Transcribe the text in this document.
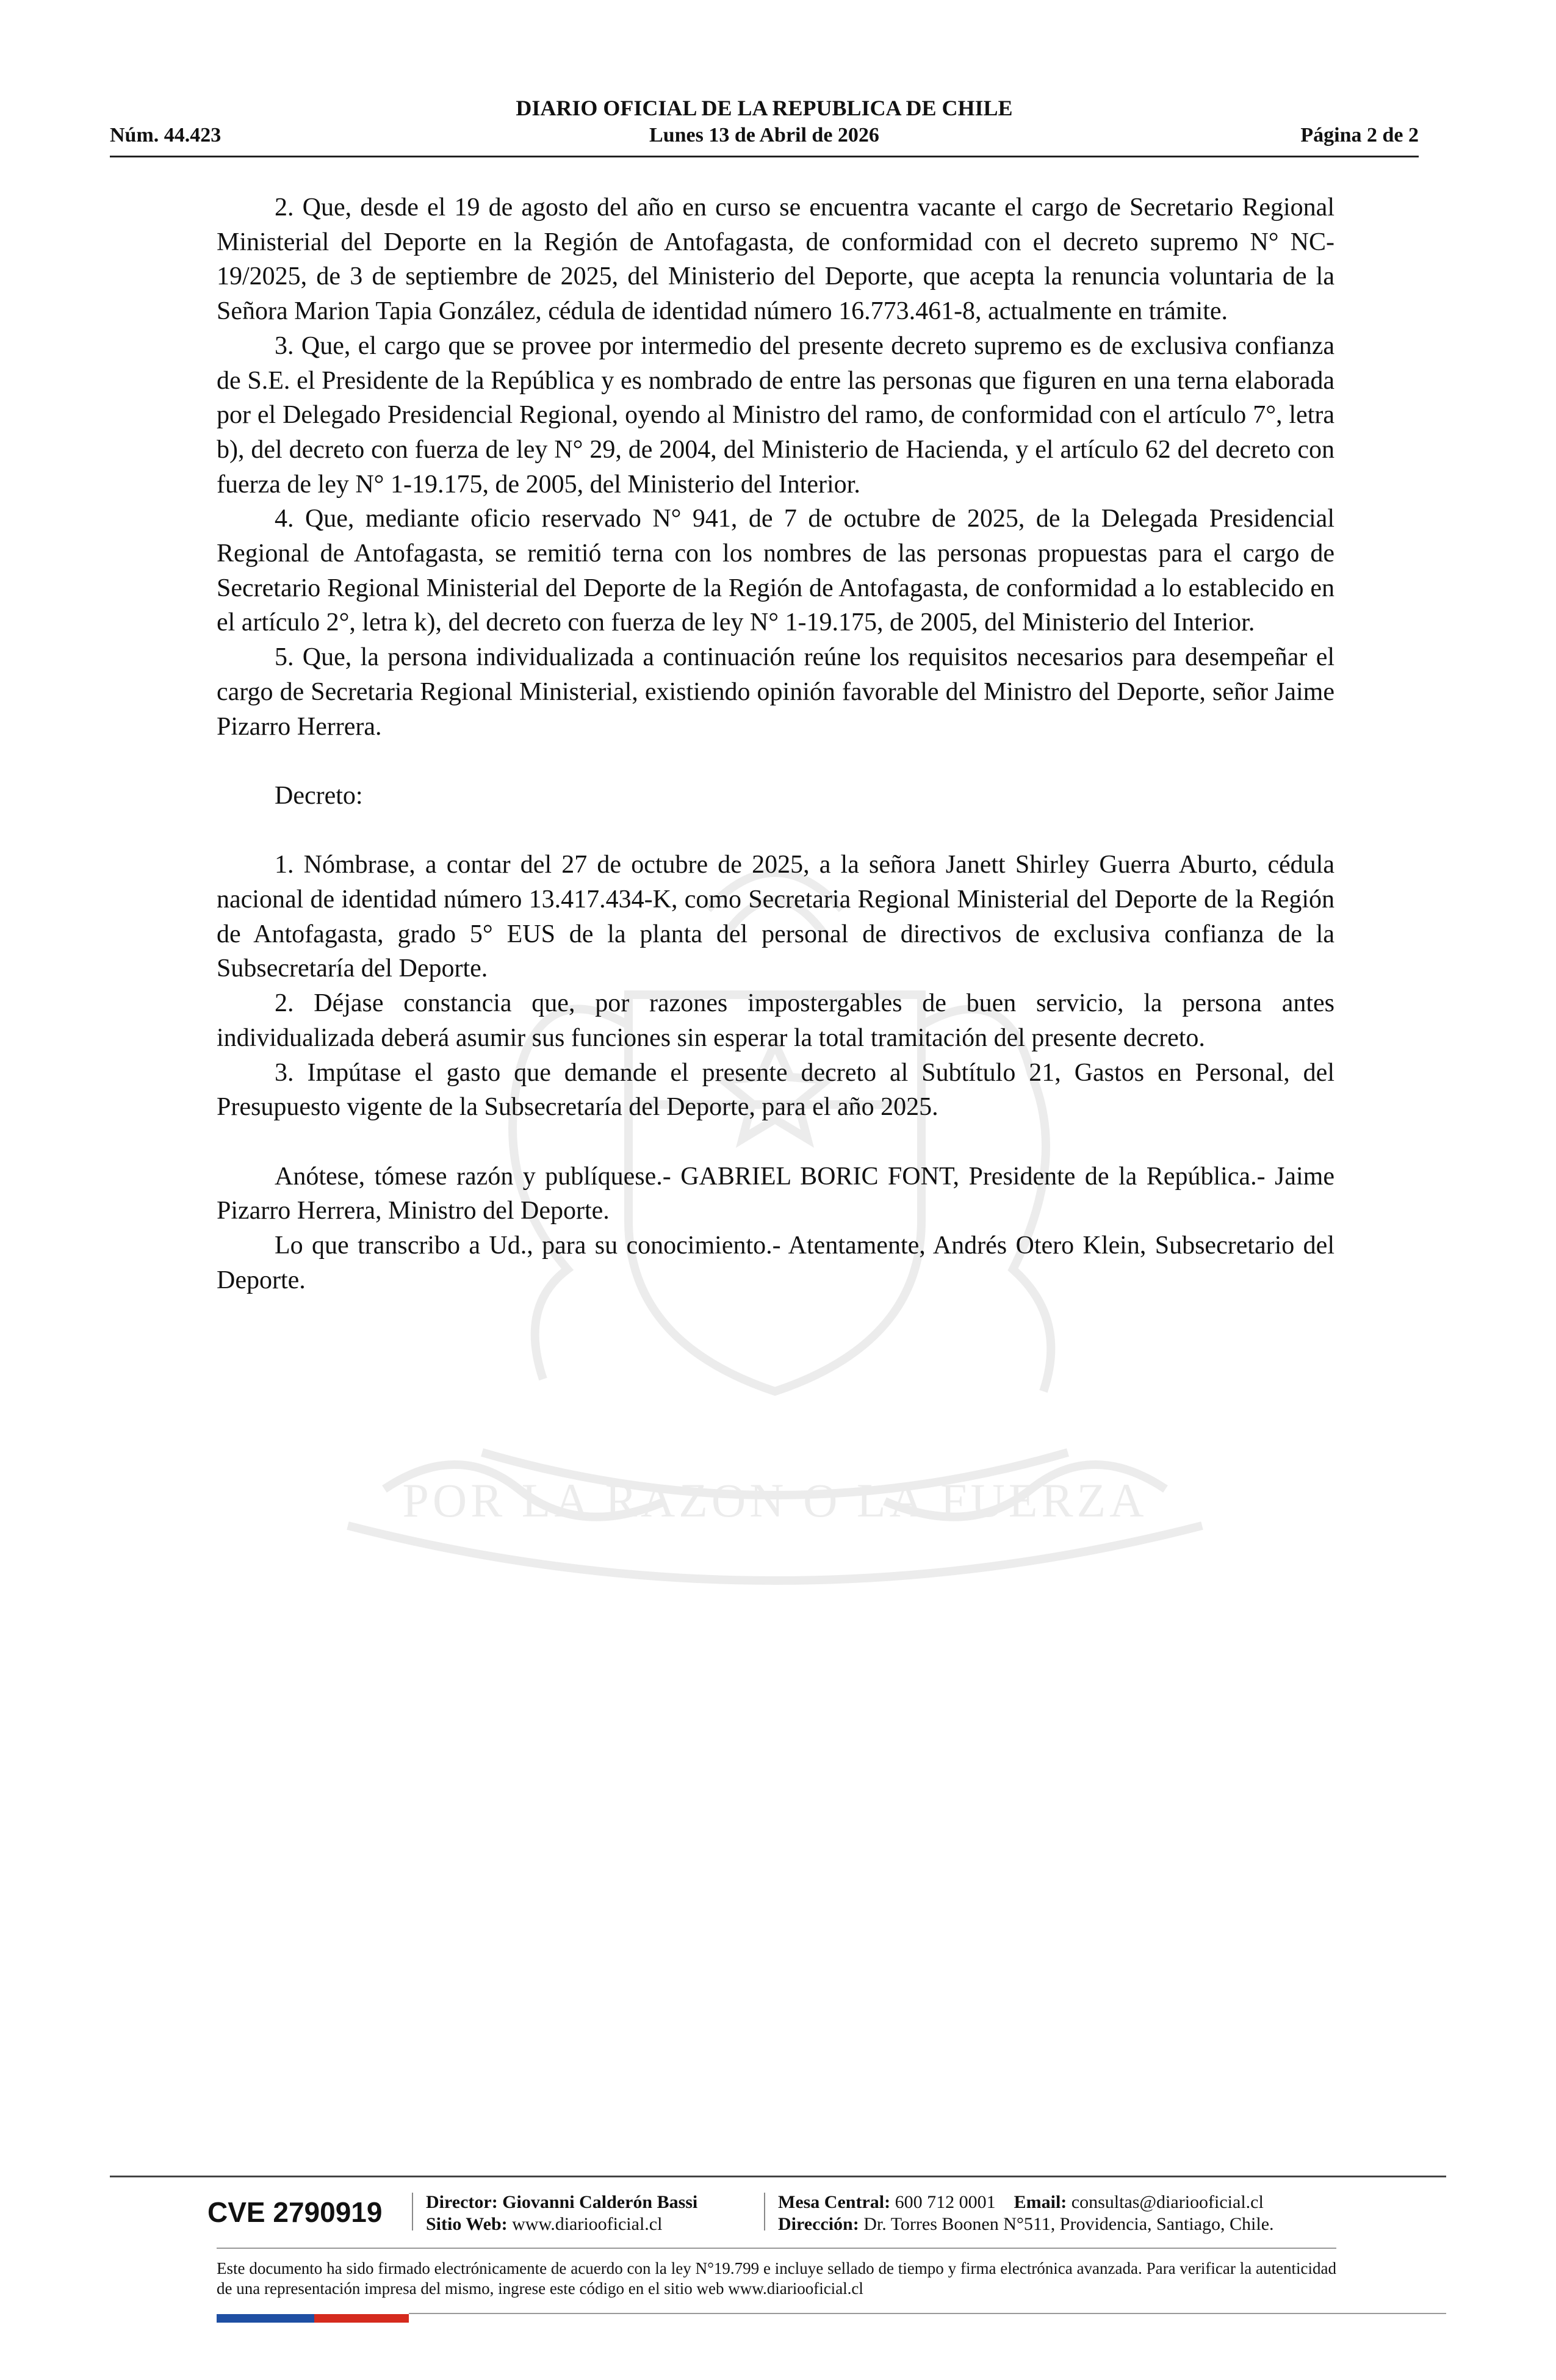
DIARIO OFICIAL DE LA REPUBLICA DE CHILE
Núm. 44.423	Lunes 13 de Abril de 2026	Página 2 de 2
POR LA RAZON O LA FUERZA

2. Que, desde el 19 de agosto del año en curso se encuentra vacante el cargo de Secretario Regional Ministerial del Deporte en la Región de Antofagasta, de conformidad con el decreto supremo N° NC-19/2025, de 3 de septiembre de 2025, del Ministerio del Deporte, que acepta la renuncia voluntaria de la Señora Marion Tapia González, cédula de identidad número 16.773.461-8, actualmente en trámite.

3. Que, el cargo que se provee por intermedio del presente decreto supremo es de exclusiva confianza de S.E. el Presidente de la República y es nombrado de entre las personas que figuren en una terna elaborada por el Delegado Presidencial Regional, oyendo al Ministro del ramo, de conformidad con el artículo 7°, letra b), del decreto con fuerza de ley N° 29, de 2004, del Ministerio de Hacienda, y el artículo 62 del decreto con fuerza de ley N° 1-19.175, de 2005, del Ministerio del Interior.

4. Que, mediante oficio reservado N° 941, de 7 de octubre de 2025, de la Delegada Presidencial Regional de Antofagasta, se remitió terna con los nombres de las personas propuestas para el cargo de Secretario Regional Ministerial del Deporte de la Región de Antofagasta, de conformidad a lo establecido en el artículo 2°, letra k), del decreto con fuerza de ley N° 1-19.175, de 2005, del Ministerio del Interior.

5. Que, la persona individualizada a continuación reúne los requisitos necesarios para desempeñar el cargo de Secretaria Regional Ministerial, existiendo opinión favorable del Ministro del Deporte, señor Jaime Pizarro Herrera.

Decreto:

1. Nómbrase, a contar del 27 de octubre de 2025, a la señora Janett Shirley Guerra Aburto, cédula nacional de identidad número 13.417.434-K, como Secretaria Regional Ministerial del Deporte de la Región de Antofagasta, grado 5° EUS de la planta del personal de directivos de exclusiva confianza de la Subsecretaría del Deporte.

2. Déjase constancia que, por razones impostergables de buen servicio, la persona antes individualizada deberá asumir sus funciones sin esperar la total tramitación del presente decreto.

3. Impútase el gasto que demande el presente decreto al Subtítulo 21, Gastos en Personal, del Presupuesto vigente de la Subsecretaría del Deporte, para el año 2025.

Anótese, tómese razón y publíquese.- GABRIEL BORIC FONT, Presidente de la República.- Jaime Pizarro Herrera, Ministro del Deporte.

Lo que transcribo a Ud., para su conocimiento.- Atentamente, Andrés Otero Klein, Subsecretario del Deporte.

CVE 2790919 Director: Giovanni Calderón Bassi
Sitio Web: www.diariooficial.cl
Mesa Central: 600 712 0001 Email: consultas@diariooficial.cl
Dirección: Dr. Torres Boonen N°511, Providencia, Santiago, Chile.
Este documento ha sido firmado electrónicamente de acuerdo con la ley N°19.799 e incluye sellado de tiempo y firma electrónica avanzada. Para verificar la autenticidad de una representación impresa del mismo, ingrese este código en el sitio web www.diariooficial.cl
